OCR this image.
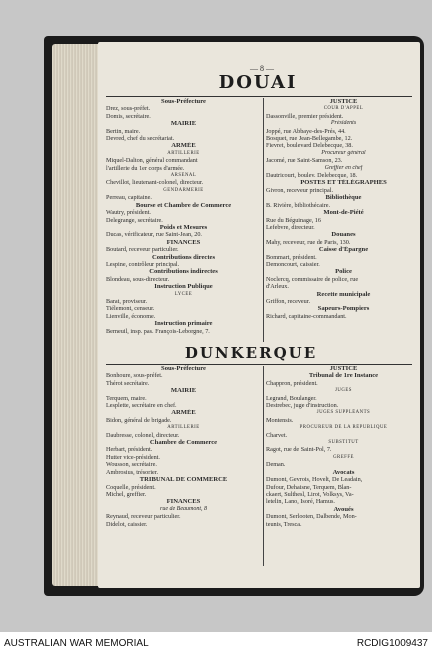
— 8 —
DOUAI
Sous-Préfecture
Drez, sous-préfet.
Domis, secrétaire.
MAIRIE
Bertin, maire.
Devred, chef du secrétariat.
ARMÉE
ARTILLERIE
Miquel-Dalton, général commandant
l'artillerie du 1er corps d'armée.
ARSENAL
Chevillot, lieutenant-colonel, directeur.
GENDARMERIE
Perreau, capitaine.
Bourse et Chambre de Commerce
Wautry, président.
Delegrange, secrétaire.
Poids et Mesures
Ducas, vérificateur, rue Saint-Jean, 20.
FINANCES
Boutard, receveur particulier.
Contributions directes
Lespine, contrôleur principal.
Contributions indirectes
Blondeau, sous-directeur.
Instruction Publique
LYCÉE
Barat, proviseur.
Tiélemont, censeur.
Lienville, économe.
Instruction primaire
Berneuil, insp. pas. François-Leborgne, 7.
JUSTICE
COUR D'APPEL
Dassonville, premier président.
Présidents
Joppé, rue Abbaye-des-Prés, 44.
Bosquet, rue Jean-Bellegambe, 12.
Fievret, boulevard Delebecque, 38.
Procureur général
Jacomé, rue Saint-Samson, 23.
Greffier en chef
Dautricourt, boulev. Delebecque, 18.
POSTES ET TÉLÉGRAPHES
Givron, receveur principal.
Bibliothèque
B. Rivière, bibliothécaire.
Mont-de-Piété
Rue du Béguinage, 16
Lefebvre, directeur.
Douanes
Mahy, receveur, rue de Paris, 130.
Caisse d'Épargne
Bommart, président.
Demoncourt, caissier.
Police
Noclercq, commissaire de police, rue
d'Arleux.
Recette municipale
Griffon, receveur.
Sapeurs-Pompiers
Richard, capitaine-commandant.
DUNKERQUE
Sous-Préfecture
Bonhoure, sous-préfet.
Thérot secrétaire.
MAIRIE
Terquem, maire.
Lesplette, secrétaire en chef.
ARMÉE
Bidon, général de brigade.
ARTILLERIE
Daubresse, colonel, directeur.
Chambre de Commerce
Herbart, président.
Hutter vice-président.
Wousson, secrétaire.
Ambrosius, trésorier.
TRIBUNAL DE COMMERCE
Coquelle, président.
Michel, greffier.
FINANCES
rue de Beaumont, 8
Reynaud, receveur particulier.
Didelot, caissier.
JUSTICE
Tribunal de 1re Instance
Chappron, président.
JUGES
Legrand, Boulanger.
Destrebec, juge d'instruction.
JUGES SUPPLÉANTS
Montensis.
PROCUREUR DE LA RÉPUBLIQUE
Charvet.
SUBSTITUT
Ragot, rue de Saint-Pol, 7.
GREFFE
Deman.
Avocats
Dumont, Gevrois, Hovelt, De Leadain,
Dufour, Dehaisne, Terquem, Blan-
ckaert, Sulthesl, Lirot, Volksys, Va-
letelin, Lano, Isoré, Hamus.
Avoués
Dumont, Serlooten, Dalbende, Mon-
teunis, Tresca.
AUSTRALIAN WAR MEMORIAL	RCDIG1009437
